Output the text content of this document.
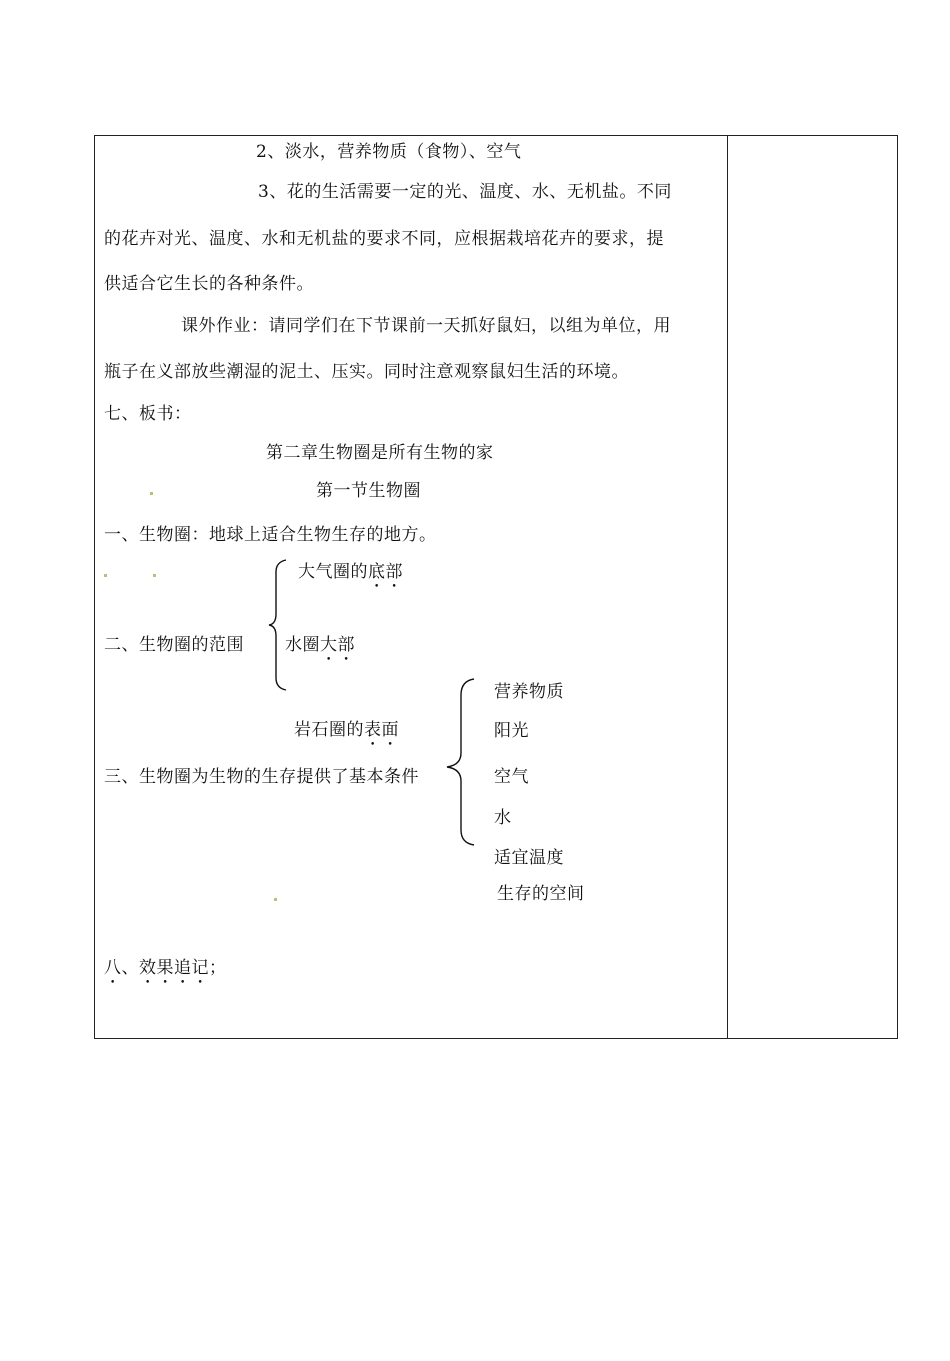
2、淡水，营养物质（食物）、空气
3、花的生活需要一定的光、温度、水、无机盐。不同
的花卉对光、温度、水和无机盐的要求不同，应根据栽培花卉的要求，提
供适合它生长的各种条件。
课外作业：请同学们在下节课前一天抓好鼠妇，以组为单位，用
瓶子在义部放些潮湿的泥土、压实。同时注意观察鼠妇生活的环境。
七、板书：
第二章生物圈是所有生物的家
第一节生物圈
一、生物圈：地球上适合生物生存的地方。
大气圈的底部
二、生物圈的范围 水圈大部
岩石圈的表面
三、生物圈为生物的生存提供了基本条件
营养物质
阳光
空气
水
适宜温度
生存的空间
八、效果追记；
